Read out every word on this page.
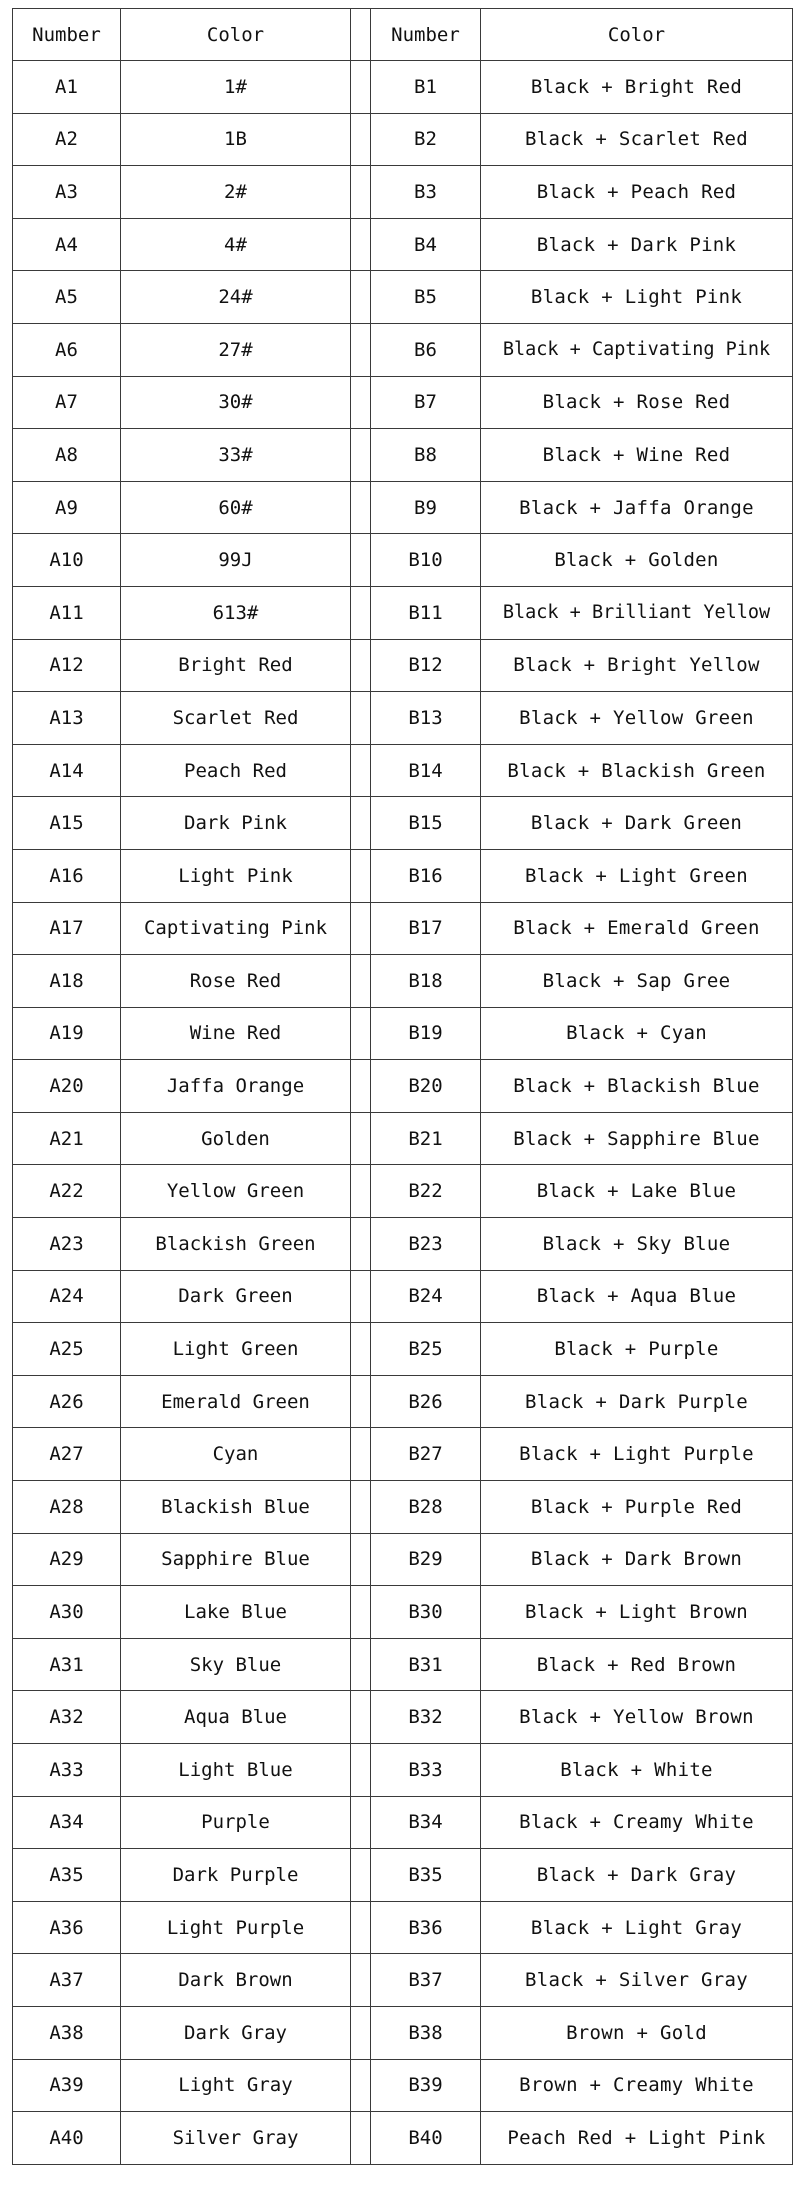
Number	Color		Number	Color
A1	1#		B1	Black + Bright Red
A2	1B		B2	Black + Scarlet Red
A3	2#		B3	Black + Peach Red
A4	4#		B4	Black + Dark Pink
A5	24#		B5	Black + Light Pink
A6	27#		B6	Black + Captivating Pink
A7	30#		B7	Black + Rose Red
A8	33#		B8	Black + Wine Red
A9	60#		B9	Black + Jaffa Orange
A10	99J		B10	Black + Golden
A11	613#		B11	Black + Brilliant Yellow
A12	Bright Red		B12	Black + Bright Yellow
A13	Scarlet Red		B13	Black + Yellow Green
A14	Peach Red		B14	Black + Blackish Green
A15	Dark Pink		B15	Black + Dark Green
A16	Light Pink		B16	Black + Light Green
A17	Captivating Pink		B17	Black + Emerald Green
A18	Rose Red		B18	Black + Sap Gree
A19	Wine Red		B19	Black + Cyan
A20	Jaffa Orange		B20	Black + Blackish Blue
A21	Golden		B21	Black + Sapphire Blue
A22	Yellow Green		B22	Black + Lake Blue
A23	Blackish Green		B23	Black + Sky Blue
A24	Dark Green		B24	Black + Aqua Blue
A25	Light Green		B25	Black + Purple
A26	Emerald Green		B26	Black + Dark Purple
A27	Cyan		B27	Black + Light Purple
A28	Blackish Blue		B28	Black + Purple Red
A29	Sapphire Blue		B29	Black + Dark Brown
A30	Lake Blue		B30	Black + Light Brown
A31	Sky Blue		B31	Black + Red Brown
A32	Aqua Blue		B32	Black + Yellow Brown
A33	Light Blue		B33	Black + White
A34	Purple		B34	Black + Creamy White
A35	Dark Purple		B35	Black + Dark Gray
A36	Light Purple		B36	Black + Light Gray
A37	Dark Brown		B37	Black + Silver Gray
A38	Dark Gray		B38	Brown + Gold
A39	Light Gray		B39	Brown + Creamy White
A40	Silver Gray		B40	Peach Red + Light Pink
